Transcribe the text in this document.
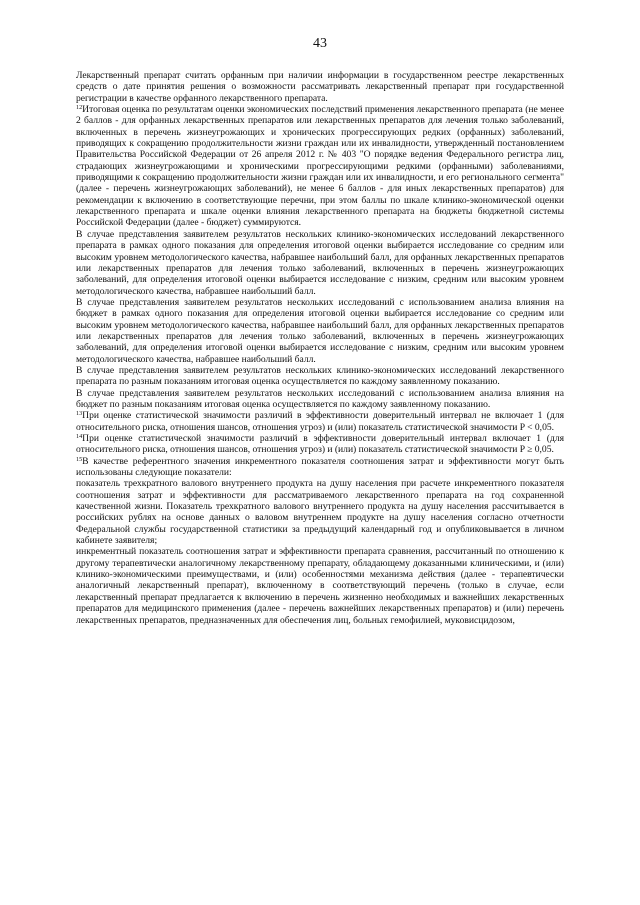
43

Лекарственный препарат считать орфанным при наличии информации в государственном реестре лекарственных средств о дате принятия решения о возможности рассматривать лекарственный препарат при государственной регистрации в качестве орфанного лекарственного препарата.

$^{12}$Итоговая оценка по результатам оценки экономических последствий применения лекарственного препарата (не менее 2 баллов - для орфанных лекарственных препаратов или лекарственных препаратов для лечения только заболеваний, включенных в перечень жизнеугрожающих и хронических прогрессирующих редких (орфанных) заболеваний, приводящих к сокращению продолжительности жизни граждан или их инвалидности, утвержденный постановлением Правительства Российской Федерации от 26 апреля 2012 г. № 403 "О порядке ведения Федерального регистра лиц, страдающих жизнеугрожающими и хроническими прогрессирующими редкими (орфанными) заболеваниями, приводящими к сокращению продолжительности жизни граждан или их инвалидности, и его регионального сегмента" (далее - перечень жизнеугрожающих заболеваний), не менее 6 баллов - для иных лекарственных препаратов) для рекомендации к включению в соответствующие перечни, при этом баллы по шкале клинико-экономической оценки лекарственного препарата и шкале оценки влияния лекарственного препарата на бюджеты бюджетной системы Российской Федерации (далее - бюджет) суммируются.

В случае представления заявителем результатов нескольких клинико-экономических исследований лекарственного препарата в рамках одного показания для определения итоговой оценки выбирается исследование со средним или высоким уровнем методологического качества, набравшее наибольший балл, для орфанных лекарственных препаратов или лекарственных препаратов для лечения только заболеваний, включенных в перечень жизнеугрожающих заболеваний, для определения итоговой оценки выбирается исследование с низким, средним или высоким уровнем методологического качества, набравшее наибольший балл.

В случае представления заявителем результатов нескольких исследований с использованием анализа влияния на бюджет в рамках одного показания для определения итоговой оценки выбирается исследование со средним или высоким уровнем методологического качества, набравшее наибольший балл, для орфанных лекарственных препаратов или лекарственных препаратов для лечения только заболеваний, включенных в перечень жизнеугрожающих заболеваний, для определения итоговой оценки выбирается исследование с низким, средним или высоким уровнем методологического качества, набравшее наибольший балл.

В случае представления заявителем результатов нескольких клинико-экономических исследований лекарственного препарата по разным показаниям итоговая оценка осуществляется по каждому заявленному показанию.

В случае представления заявителем результатов нескольких исследований с использованием анализа влияния на бюджет по разным показаниям итоговая оценка осуществляется по каждому заявленному показанию.

$^{13}$При оценке статистической значимости различий в эффективности доверительный интервал не включает 1 (для относительного риска, отношения шансов, отношения угроз) и (или) показатель статистической значимости P < 0,05.

$^{14}$При оценке статистической значимости различий в эффективности доверительный интервал включает 1 (для относительного риска, отношения шансов, отношения угроз) и (или) показатель статистической значимости P ≥ 0,05.

$^{15}$В качестве референтного значения инкрементного показателя соотношения затрат и эффективности могут быть использованы следующие показатели:

показатель трехкратного валового внутреннего продукта на душу населения при расчете инкрементного показателя соотношения затрат и эффективности для рассматриваемого лекарственного препарата на год сохраненной качественной жизни. Показатель трехкратного валового внутреннего продукта на душу населения рассчитывается в российских рублях на основе данных о валовом внутреннем продукте на душу населения согласно отчетности Федеральной службы государственной статистики за предыдущий календарный год и опубликовывается в личном кабинете заявителя;

инкрементный показатель соотношения затрат и эффективности препарата сравнения, рассчитанный по отношению к другому терапевтически аналогичному лекарственному препарату, обладающему доказанными клиническими, и (или) клинико-экономическими преимуществами, и (или) особенностями механизма действия (далее - терапевтически аналогичный лекарственный препарат), включенному в соответствующий перечень (только в случае, если лекарственный препарат предлагается к включению в перечень жизненно необходимых и важнейших лекарственных препаратов для медицинского применения (далее - перечень важнейших лекарственных препаратов) и (или) перечень лекарственных препаратов, предназначенных для обеспечения лиц, больных гемофилией, муковисцидозом,
